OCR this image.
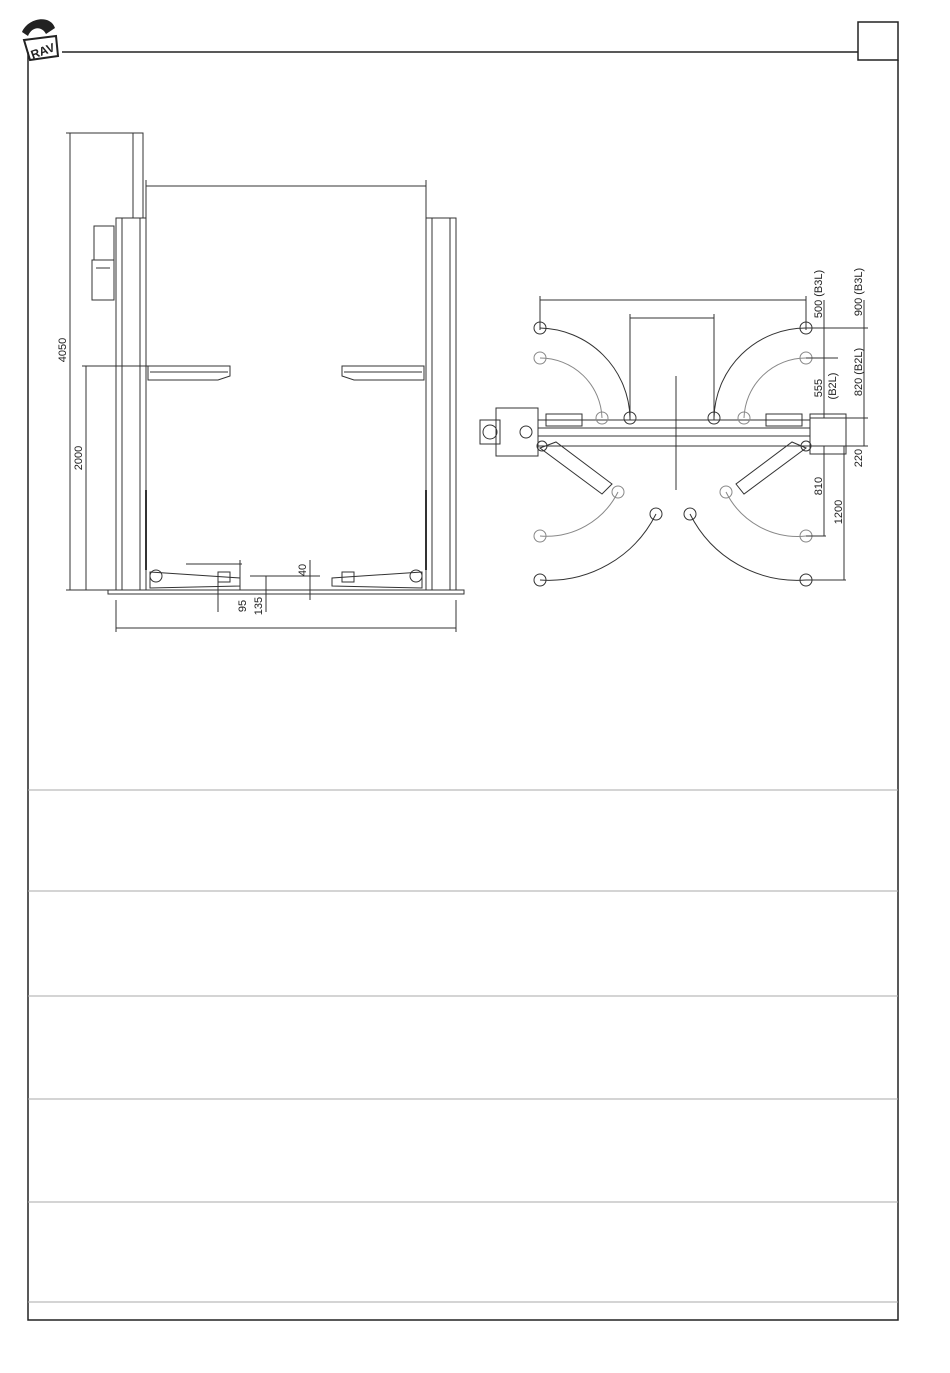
RAV
4050
2000
40
95 135
500 (B3L)	900 (B3L)
555 (B2L) 820 (B2L)
220
810
1200
